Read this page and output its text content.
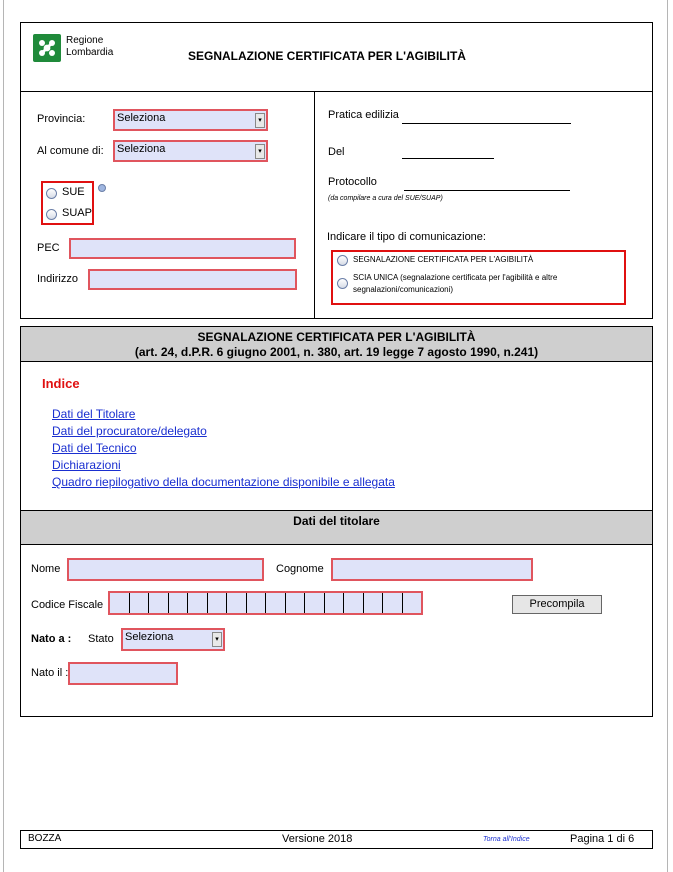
Regione
Lombardia	SEGNALAZIONE CERTIFICATA PER L'AGIBILITÀ
Provincia:	Seleziona	▾
Al comune di:	Seleziona	▾
SUE
SUAP
PEC
Indirizzo
Pratica edilizia
Del
Protocollo
(da compilare a cura del SUE/SUAP)
Indicare il tipo di comunicazione:
SEGNALAZIONE CERTIFICATA PER L'AGIBILITÀ
SCIA UNICA (segnalazione certificata per l'agibilità e altre
segnalazioni/comunicazioni)
SEGNALAZIONE CERTIFICATA PER L'AGIBILITÀ
(art. 24, d.P.R. 6 giugno 2001, n. 380, art. 19 legge 7 agosto 1990, n.241)
Indice
Dati del Titolare
Dati del procuratore/delegato
Dati del Tecnico
Dichiarazioni
Quadro riepilogativo della documentazione disponibile e allegata
Dati del titolare
Nome	Cognome
Codice Fiscale	Precompila
Nato a : Stato	Seleziona	▾
Nato il :
BOZZA	Versione 2018	Torna all'Indice	Pagina 1 di 6
